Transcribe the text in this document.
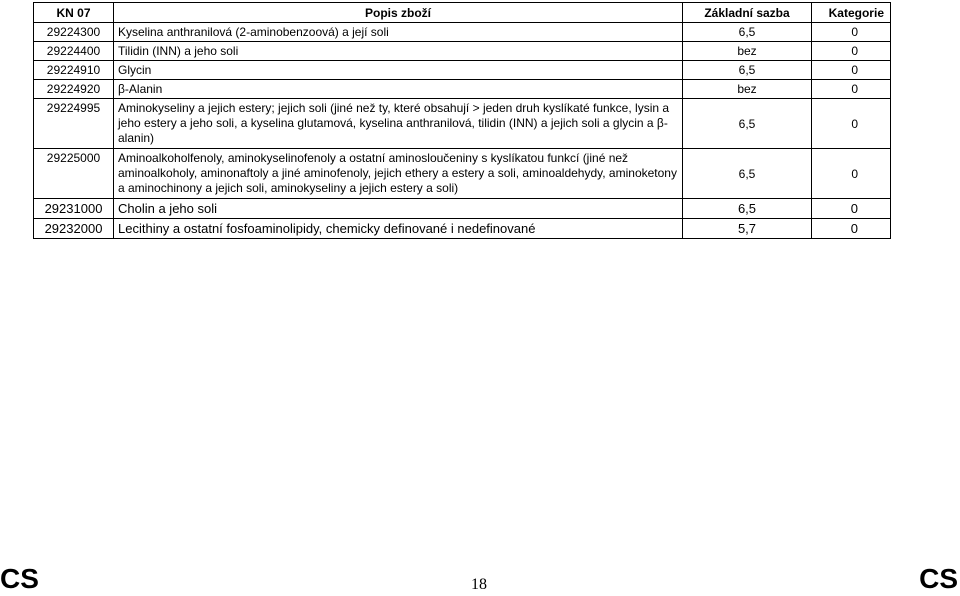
KN 07	Popis zboží	Základní sazba	Kategorie
29224300	Kyselina anthranilová (2-aminobenzoová) a její soli	6,5	0
29224400	Tilidin (INN) a jeho soli	bez	0
29224910	Glycin	6,5	0
29224920	β-Alanin	bez	0
29224995	Aminokyseliny a jejich estery; jejich soli (jiné než ty, které obsahují > jeden druh kyslíkaté funkce, lysin a jeho estery a jeho soli, a kyselina glutamová, kyselina anthranilová, tilidin (INN) a jejich soli a glycin a β-alanin)	6,5	0
29225000	Aminoalkoholfenoly, aminokyselinofenoly a ostatní aminosloučeniny s kyslíkatou funkcí (jiné než aminoalkoholy, aminonaftoly a jiné aminofenoly, jejich ethery a estery a soli, aminoaldehydy, aminoketony a aminochinony a jejich soli, aminokyseliny a jejich estery a soli)	6,5	0
29231000	Cholin a jeho soli	6,5	0
29232000	Lecithiny a ostatní fosfoaminolipidy, chemicky definované i nedefinované	5,7	0
CS	18	CS
